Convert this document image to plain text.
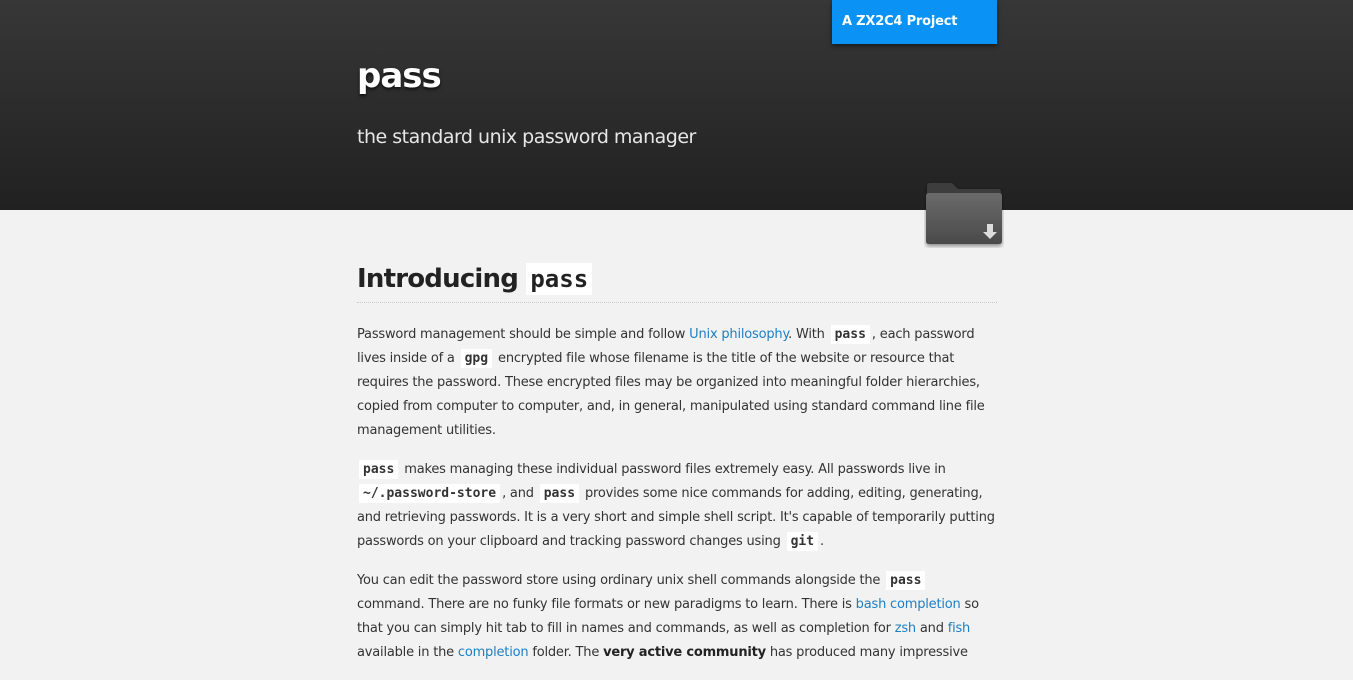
A ZX2C4 Project
pass
the standard unix password manager
Introducing pass

Password management should be simple and follow Unix philosophy. With pass , each password lives inside of a gpg encrypted file whose filename is the title of the website or resource that requires the password. These encrypted files may be organized into meaningful folder hierarchies, copied from computer to computer, and, in general, manipulated using standard command line file management utilities.

pass makes managing these individual password files extremely easy. All passwords live in ~/.password-store , and pass provides some nice commands for adding, editing, generating, and retrieving passwords. It is a very short and simple shell script. It's capable of temporarily putting passwords on your clipboard and tracking password changes using git .

You can edit the password store using ordinary unix shell commands alongside the pass command. There are no funky file formats or new paradigms to learn. There is bash completion so that you can simply hit tab to fill in names and commands, as well as completion for zsh and fish available in the completion folder. The very active community has produced many impressive
